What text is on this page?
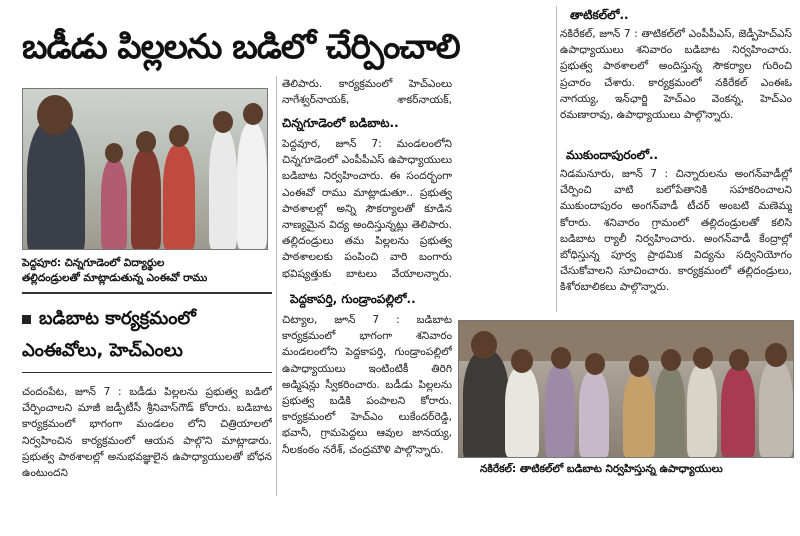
బడీడు పిల్లలను బడిలో చేర్పించాలి
పెద్దపూర: చిన్నగూడెంలో విద్యార్థుల
తల్లిదండ్రులతో మాట్లాడుతున్న ఎంఈవో రాము
బడిబాట కార్యక్రమంలో
ఎంఈవోలు, హెచ్ఎంలు
చందంపేట, జూన్ 7 : బడీడు పిల్లలను ప్రభుత్వ బడిలో చేర్పించాలని మాజీ జడ్పీటీసీ శ్రీనివాస్‌గౌడ్ కోరారు. బడిబాట కార్యక్రమంలో భాగంగా మండలం లోని చిత్రియాలలో నిర్వహించిన కార్యక్రమంలో ఆయన పాల్గొని మాట్లాడారు. ప్రభుత్వ పాఠశాలల్లో అనుభవజ్ఞులైన ఉపాధ్యాయులతో బోధన ఉంటుందని
తెలిపారు. కార్యక్రమంలో హెచ్ఎంలు నాగేశ్వర్‌నాయక్, శాకర్‌నాయక్,
చిన్నగూడెంలో బడిబాట..
పెద్దవూర, జూన్ 7: మండలంలోని చిన్నగూడెంలో ఎంపీపీఎస్ ఉపాధ్యాయులు బడిబాట నిర్వహించారు. ఈ సందర్భంగా ఎంఈవో రాము మాట్లాడుతూ.. ప్రభుత్వ పాఠశాలల్లో అన్ని సౌకర్యాలతో కూడిన నాణ్యమైన విద్య అందిస్తున్నట్లు తెలిపారు. తల్లిదండ్రులు తమ పిల్లలను ప్రభుత్వ పాఠశాలలకు పంపించి వారి బంగారు భవిష్యత్తుకు బాటలు వేయాలన్నారు.
పెద్దకాపర్తి, గుండ్రాంపల్లిలో..
చిట్యాల, జూన్ 7 : బడిబాట కార్యక్రమంలో భాగంగా శనివారం మండలంలోని పెద్దకాపర్తి, గుండ్రాంపల్లిలో ఉపాధ్యాయులు ఇంటింటికీ తిరిగి అడ్మిషన్లు స్వీకరించారు. బడీడు పిల్లలను ప్రభుత్వ బడికి పంపాలని కోరారు. కార్యక్రమంలో హెచ్ఎం లుకేందర్‌రెడ్డి, భవానీ, గ్రామపెద్దలు ఆవుల జానయ్య, నీలకంఠం నరేశ్, చంద్రమౌళి పాల్గొన్నారు.
తాటికల్‌లో..
నకిరేకల్, జూన్ 7 : తాటికల్‌లో ఎంపీపీఎస్, జెడ్పీహెచ్ఎస్ ఉపాధ్యాయులు శనివారం బడిబాట నిర్వహించారు. ప్రభుత్వ పాఠశాలలో అందిస్తున్న సౌకర్యాల గురించి ప్రచారం చేశారు. కార్యక్రమంలో నకిరేకల్ ఎంఈఓ నాగయ్య, ఇన్‌ఛార్జి హెచ్ఎం వెంకన్న, హెచ్ఎం రమణారావు, ఉపాధ్యాయులు పాల్గొన్నారు.
ముకుందాపురంలో..
నిడమనూరు, జూన్ 7 : చిన్నారులను అంగన్‌వాడీల్లో చేర్పించి వాటి బలోపేతానికి సహకరించాలని ముకుందాపురం అంగన్‌వాడీ టీచర్ అంబటి మణెమ్మ కోరారు. శనివారం గ్రామంలో తల్లిదండ్రులతో కలిసి బడిబాట ర్యాలీ నిర్వహించారు. అంగన్‌వాడీ కేంద్రాల్లో బోధిస్తున్న పూర్వ ప్రాథమిక విద్యను సద్వినియోగం చేసుకోవాలని సూచించారు. కార్యక్రమంలో తల్లిదండ్రులు, కిశోరబాలికలు పాల్గొన్నారు.
నకిరేకల్: తాటికల్‌లో బడిబాట నిర్వహిస్తున్న ఉపాధ్యాయులు
